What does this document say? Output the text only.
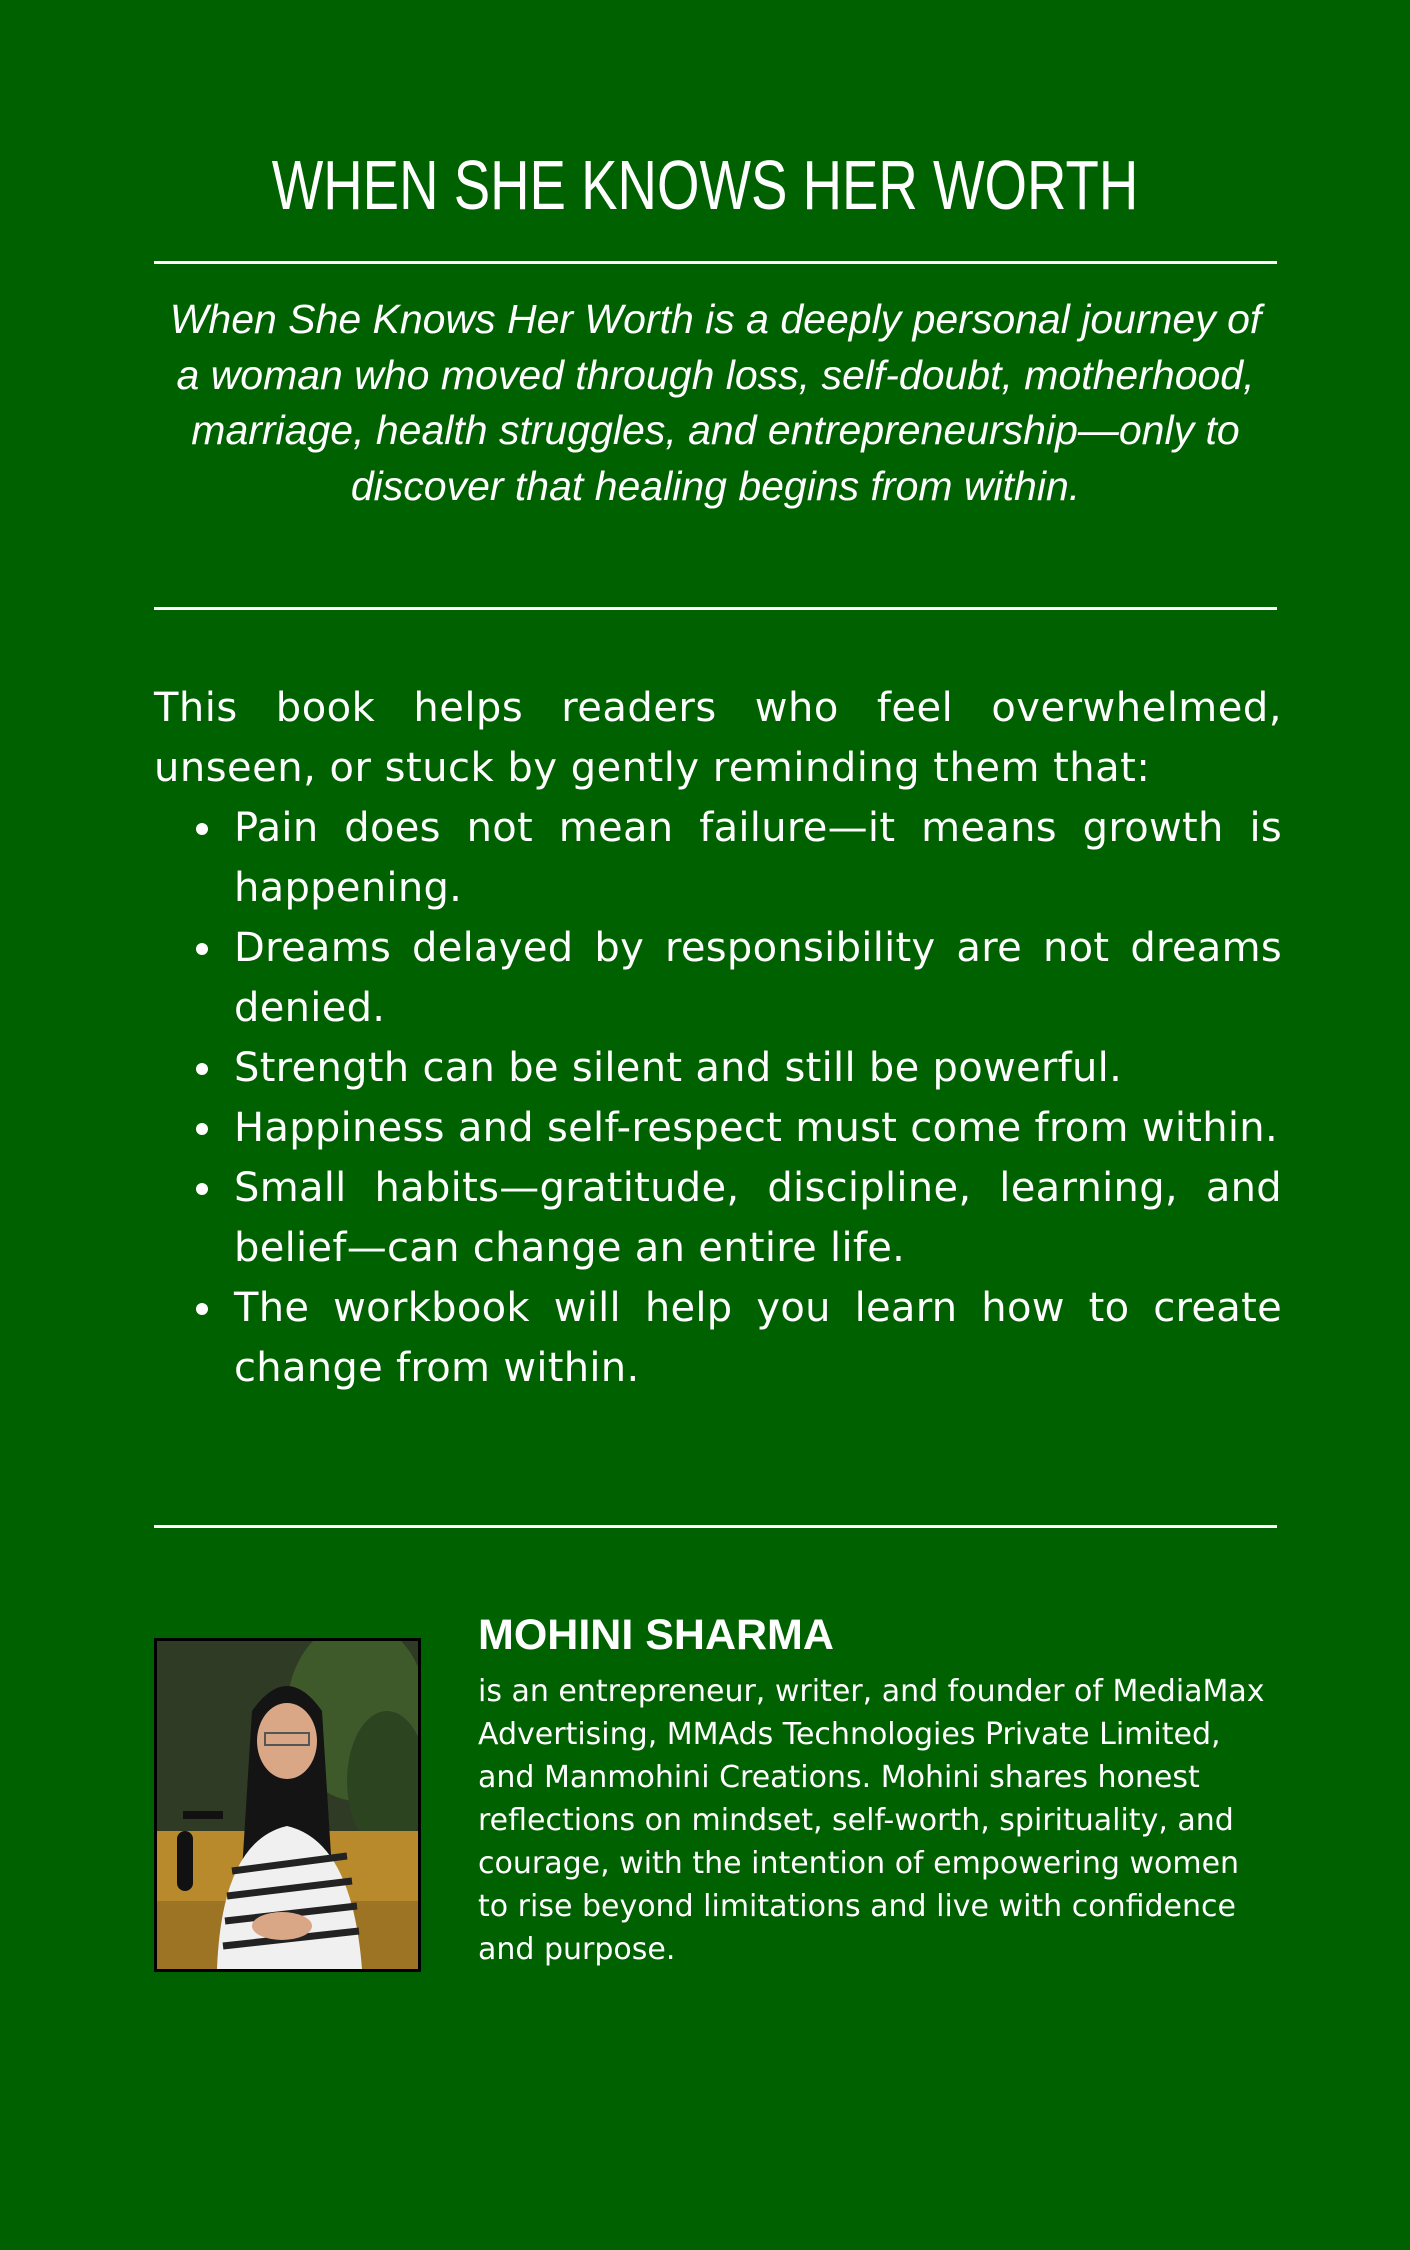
WHEN SHE KNOWS HER WORTH

When She Knows Her Worth is a deeply personal journey of a woman who moved through loss, self-doubt, motherhood, marriage, health struggles, and entrepreneurship—only to discover that healing begins from within.

This book helps readers who feel overwhelmed, unseen, or stuck by gently reminding them that:

Pain does not mean failure—it means growth is happening.
Dreams delayed by responsibility are not dreams denied.
Strength can be silent and still be powerful.
Happiness and self-respect must come from within.
Small habits—gratitude, discipline, learning, and belief—can change an entire life.
The workbook will help you learn how to create change from within.
MOHINI SHARMA

is an entrepreneur, writer, and founder of MediaMax Advertising, MMAds Technologies Private Limited, and Manmohini Creations. Mohini shares honest reflections on mindset, self-worth, spirituality, and courage, with the intention of empowering women to rise beyond limitations and live with confidence and purpose.
